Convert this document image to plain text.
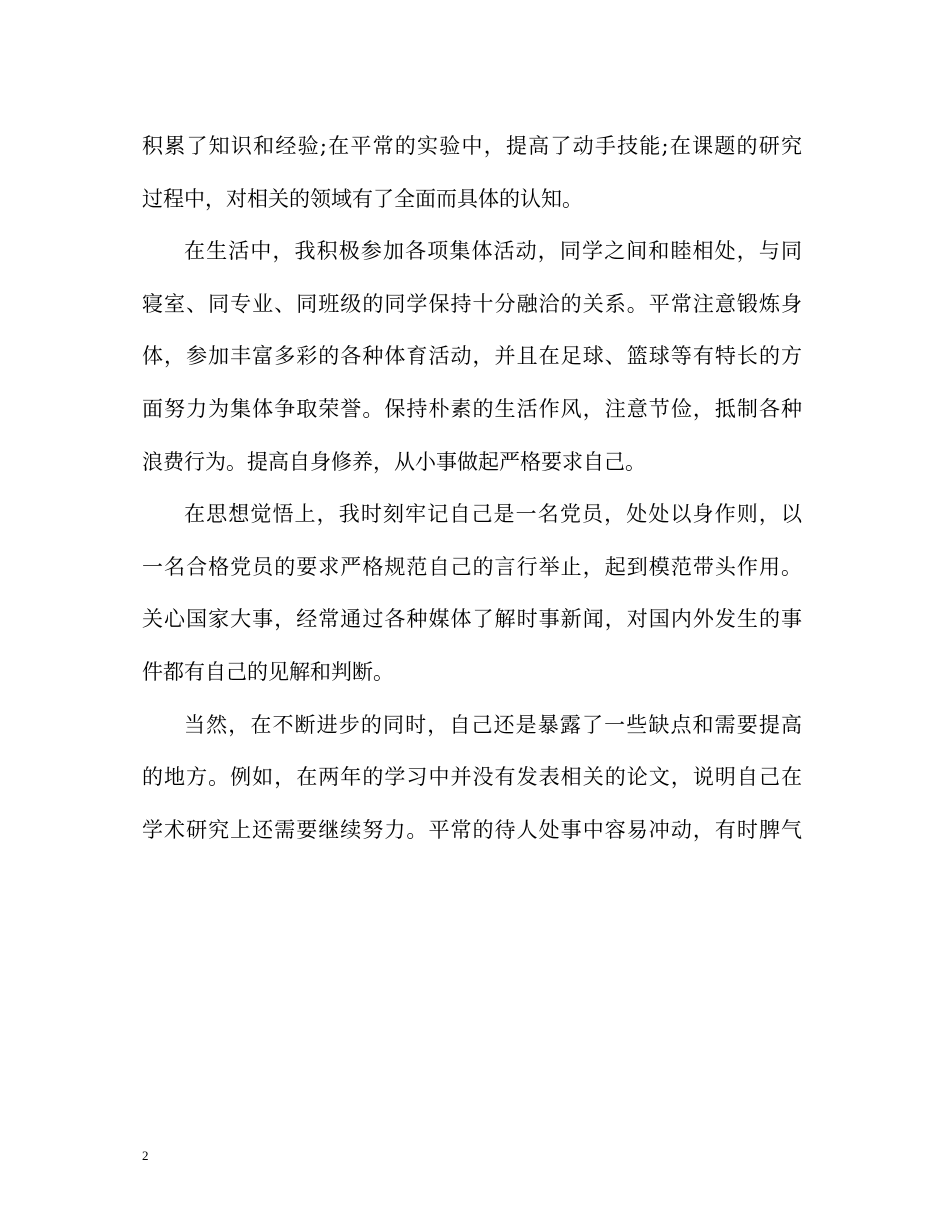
积累了知识和经验;在平常的实验中，提高了动手技能;在课题的研究
过程中，对相关的领域有了全面而具体的认知。
在生活中，我积极参加各项集体活动，同学之间和睦相处，与同
寝室、同专业、同班级的同学保持十分融洽的关系。平常注意锻炼身
体，参加丰富多彩的各种体育活动，并且在足球、篮球等有特长的方
面努力为集体争取荣誉。保持朴素的生活作风，注意节俭，抵制各种
浪费行为。提高自身修养，从小事做起严格要求自己。
在思想觉悟上，我时刻牢记自己是一名党员，处处以身作则，以
一名合格党员的要求严格规范自己的言行举止，起到模范带头作用。
关心国家大事，经常通过各种媒体了解时事新闻，对国内外发生的事
件都有自己的见解和判断。
当然，在不断进步的同时，自己还是暴露了一些缺点和需要提高
的地方。例如，在两年的学习中并没有发表相关的论文，说明自己在
学术研究上还需要继续努力。平常的待人处事中容易冲动，有时脾气
2
